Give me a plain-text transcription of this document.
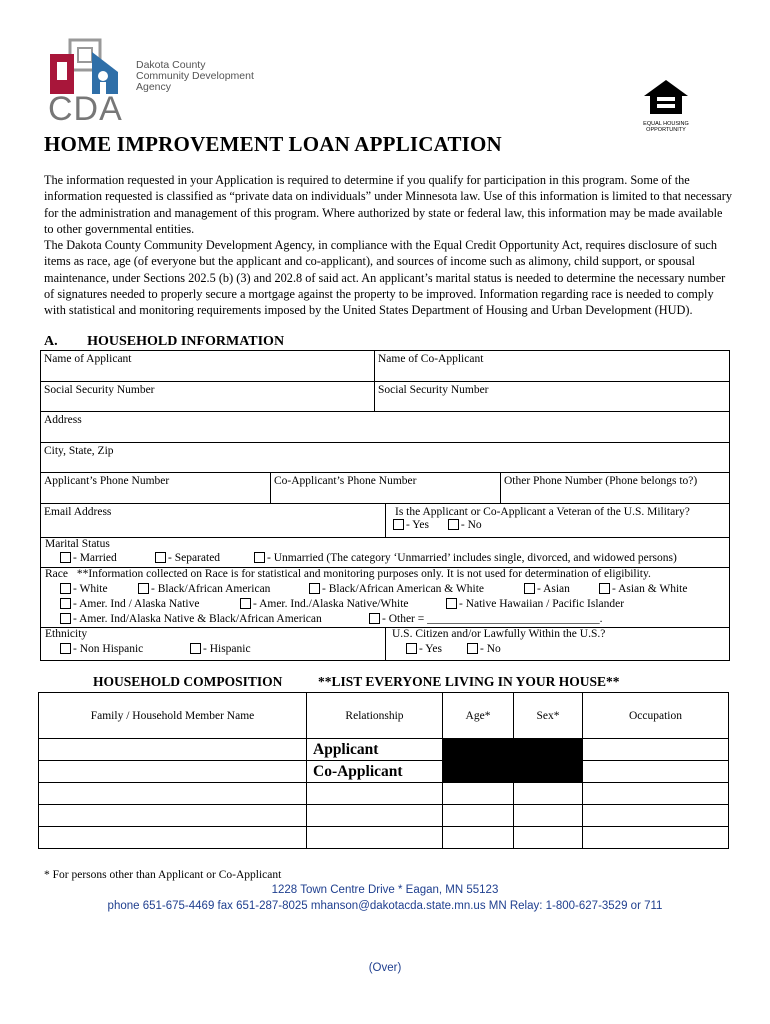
Dakota County
Community Development
Agency
CDA	EQUAL HOUSING
OPPORTUNITY
HOME IMPROVEMENT LOAN APPLICATION
The information requested in your Application is required to determine if you qualify for participation in this program. Some of the information requested is classified as “private data on individuals” under Minnesota law. Use of this information is limited to that necessary for the administration and management of this program. Where authorized by state or federal law, this information may be made available to other governmental entities.
The Dakota County Community Development Agency, in compliance with the Equal Credit Opportunity Act, requires disclosure of such items as race, age (of everyone but the applicant and co-applicant), and sources of income such as alimony, child support, or spousal maintenance, under Sections 202.5 (b) (3) and 202.8 of said act. An applicant’s marital status is needed to determine the necessary number of signatures needed to properly secure a mortgage against the property to be improved. Information regarding race is needed to comply with statistical and monitoring requirements imposed by the United States Department of Housing and Urban Development (HUD).
A. HOUSEHOLD INFORMATION
Name of Applicant	Name of Co-Applicant
Social Security Number	Social Security Number
Address
City, State, Zip
Applicant’s Phone Number	Co-Applicant’s Phone Number	Other Phone Number (Phone belongs to?)
Email Address	Is the Applicant or Co-Applicant a Veteran of the U.S. Military?
- Yes	- No
Marital Status
- Married	- Separated	- Unmarried (The category ‘Unmarried’ includes single, divorced, and widowed persons)
Race **Information collected on Race is for statistical and monitoring purposes only. It is not used for determination of eligibility.
- White	- Black/African American	- Black/African American & White	- Asian	- Asian & White
- Amer. Ind / Alaska Native	- Amer. Ind./Alaska Native/White	- Native Hawaiian / Pacific Islander
- Amer. Ind/Alaska Native & Black/African American	- Other = ______________________________.
Ethnicity
- Non Hispanic	- Hispanic
U.S. Citizen and/or Lawfully Within the U.S.?
- Yes	- No
HOUSEHOLD COMPOSITION	**LIST EVERYONE LIVING IN YOUR HOUSE**
Family / Household Member Name	Relationship	Age*	Sex*	Occupation
	Applicant			
	Co-Applicant			

* For persons other than Applicant or Co-Applicant
1228 Town Centre Drive * Eagan, MN 55123
phone 651-675-4469 fax 651-287-8025 mhanson@dakotacda.state.mn.us MN Relay: 1-800-627-3529 or 711
(Over)
